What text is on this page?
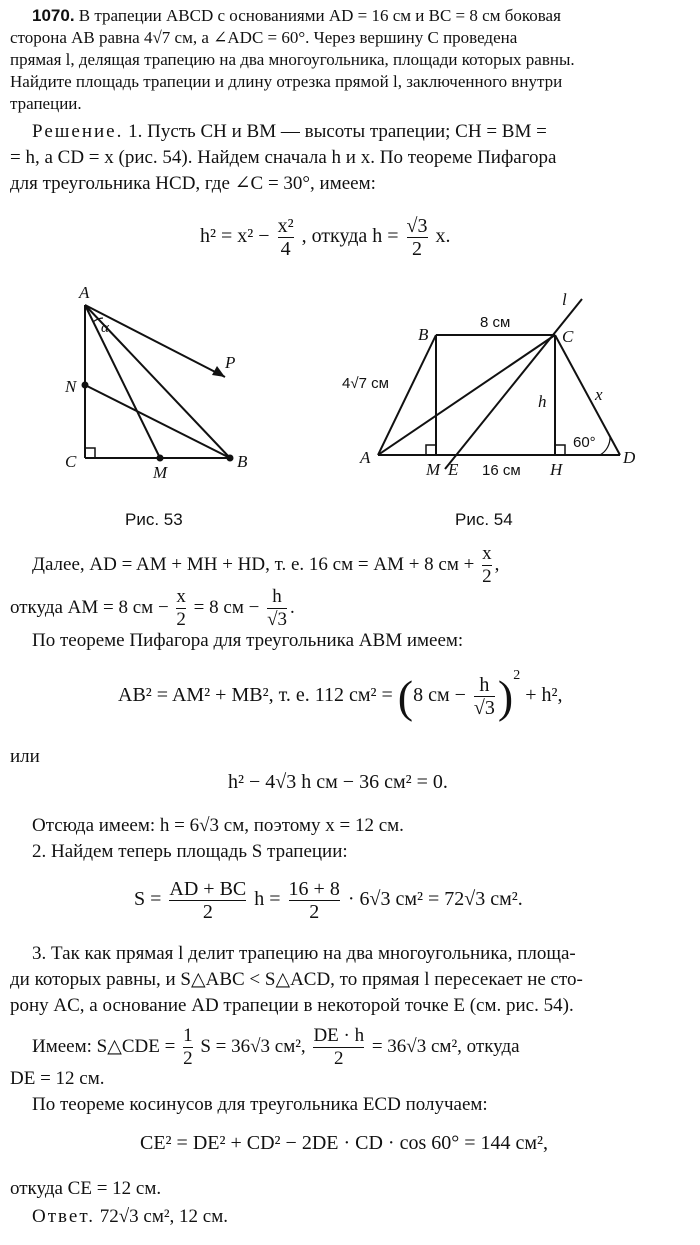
1070. В трапеции ABCD с основаниями AD = 16 см и BC = 8 см боковая
сторона AB равна 4√7 см, а ∠ADC = 60°. Через вершину C проведена
прямая l, делящая трапецию на два многоугольника, площади которых равны.
Найдите площадь трапеции и длину отрезка прямой l, заключенного внутри
трапеции.
Решение. 1. Пусть CH и BM — высоты трапеции; CH = BM =
= h, а CD = x (рис. 54). Найдем сначала h и x. По теореме Пифагора
для треугольника HCD, где ∠C = 30°, имеем:
$h^2 = x^2 - \frac{\text{x²}}{4}$ , откуда $h = \frac{√3}{2} x$.
A
N
C
M
B
P
α
Рис. 53
A
B	C
D
M E	H
l
h	x
8 см
4√7 см
16 см
60°
Рис. 54
Далее, AD = AM + MH + HD, т. е. 16 см = AM + 8 см + $\frac{x}{2}$ ,
откуда AM = 8 см − $\frac{x}{2} = 8$ см − $\frac{h}{√3}$ .
По теореме Пифагора для треугольника ABM имеем:
AB² = AM² + MB², т. е. 112 см² = (8 см − $\frac{h}{√3} )^2 + h^2$,
или
h² − 4√3 h см − 36 см² = 0.
Отсюда имеем: h = 6√3 см, поэтому x = 12 см.
2. Найдем теперь площадь S трапеции:
$S = \frac{AD + BC}{2}$ $h = \frac{16 + 8}{2} \cdot 6√3$ см² = 72√3 см².
3. Так как прямая l делит трапецию на два многоугольника, площа-
ди которых равны, и S△ABC < S△ACD, то прямая l пересекает не сто-
рону AC, а основание AD трапеции в некоторой точке E (см. рис. 54).
Имеем: S△CDE = $\frac{1}{2}$ S = 36√3 см², $\frac{DE \cdot h}{2} = 36√3$ см², откуда
DE = 12 см.
По теореме косинусов для треугольника ECD получаем:
CE² = DE² + CD² − 2DE · CD · cos 60° = 144 см²,
откуда CE = 12 см.
Ответ. 72√3 см², 12 см.
